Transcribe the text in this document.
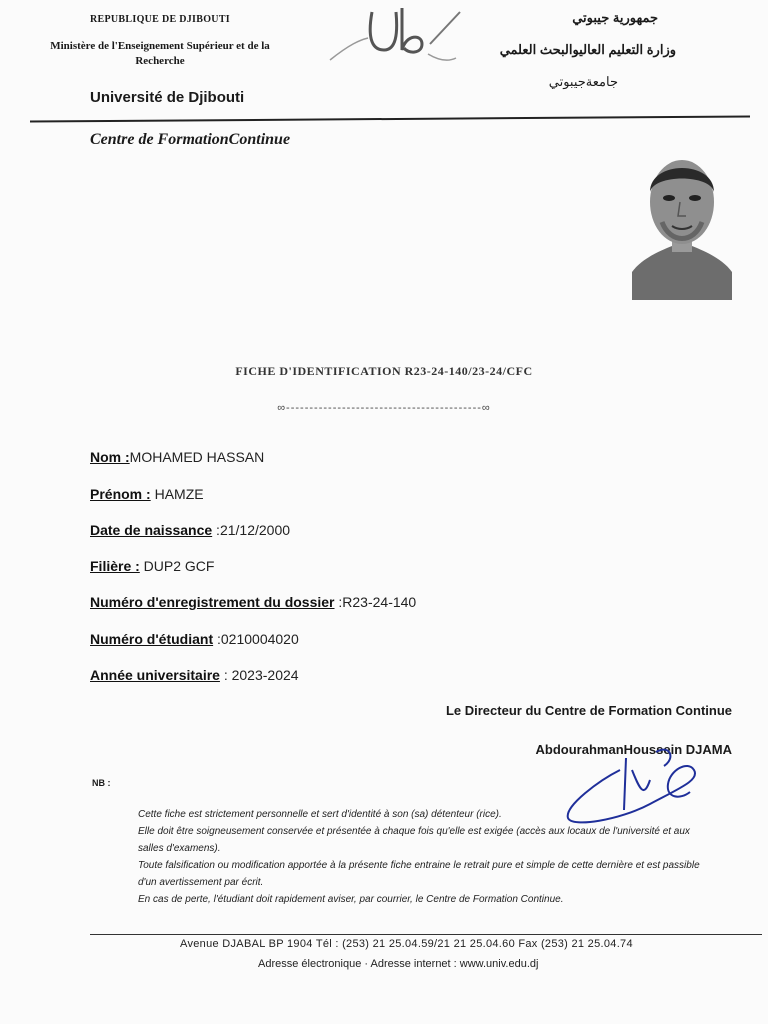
REPUBLIQUE DE DJIBOUTI
Ministère de l'Enseignement Supérieur et de la
Recherche
Université de Djibouti
جمهورية جيبوتي
وزارة التعليم العاليوالبحث العلمي
جامعةجيبوتي
Centre de FormationContinue
FICHE D'IDENTIFICATION R23-24-140/23-24/CFC
∞------------------------------------------∞
Nom :MOHAMED HASSAN
Prénom : HAMZE
Date de naissance :21/12/2000
Filière : DUP2 GCF
Numéro d'enregistrement du dossier :R23-24-140
Numéro d'étudiant :0210004020
Année universitaire : 2023-2024
Le Directeur du Centre de Formation Continue
AbdourahmanHoussein DJAMA
NB :
Cette fiche est strictement personnelle et sert d'identité à son (sa) détenteur (rice).
Elle doit être soigneusement conservée et présentée à chaque fois qu'elle est exigée (accès aux locaux de l'université et aux salles d'examens).
Toute falsification ou modification apportée à la présente fiche entraine le retrait pure et simple de cette dernière et est passible d'un avertissement par écrit.
En cas de perte, l'étudiant doit rapidement aviser, par courrier, le Centre de Formation Continue.
Avenue DJABAL BP 1904 Tél : (253) 21 25.04.59/21 21 25.04.60 Fax (253) 21 25.04.74
Adresse électronique · Adresse internet : www.univ.edu.dj
